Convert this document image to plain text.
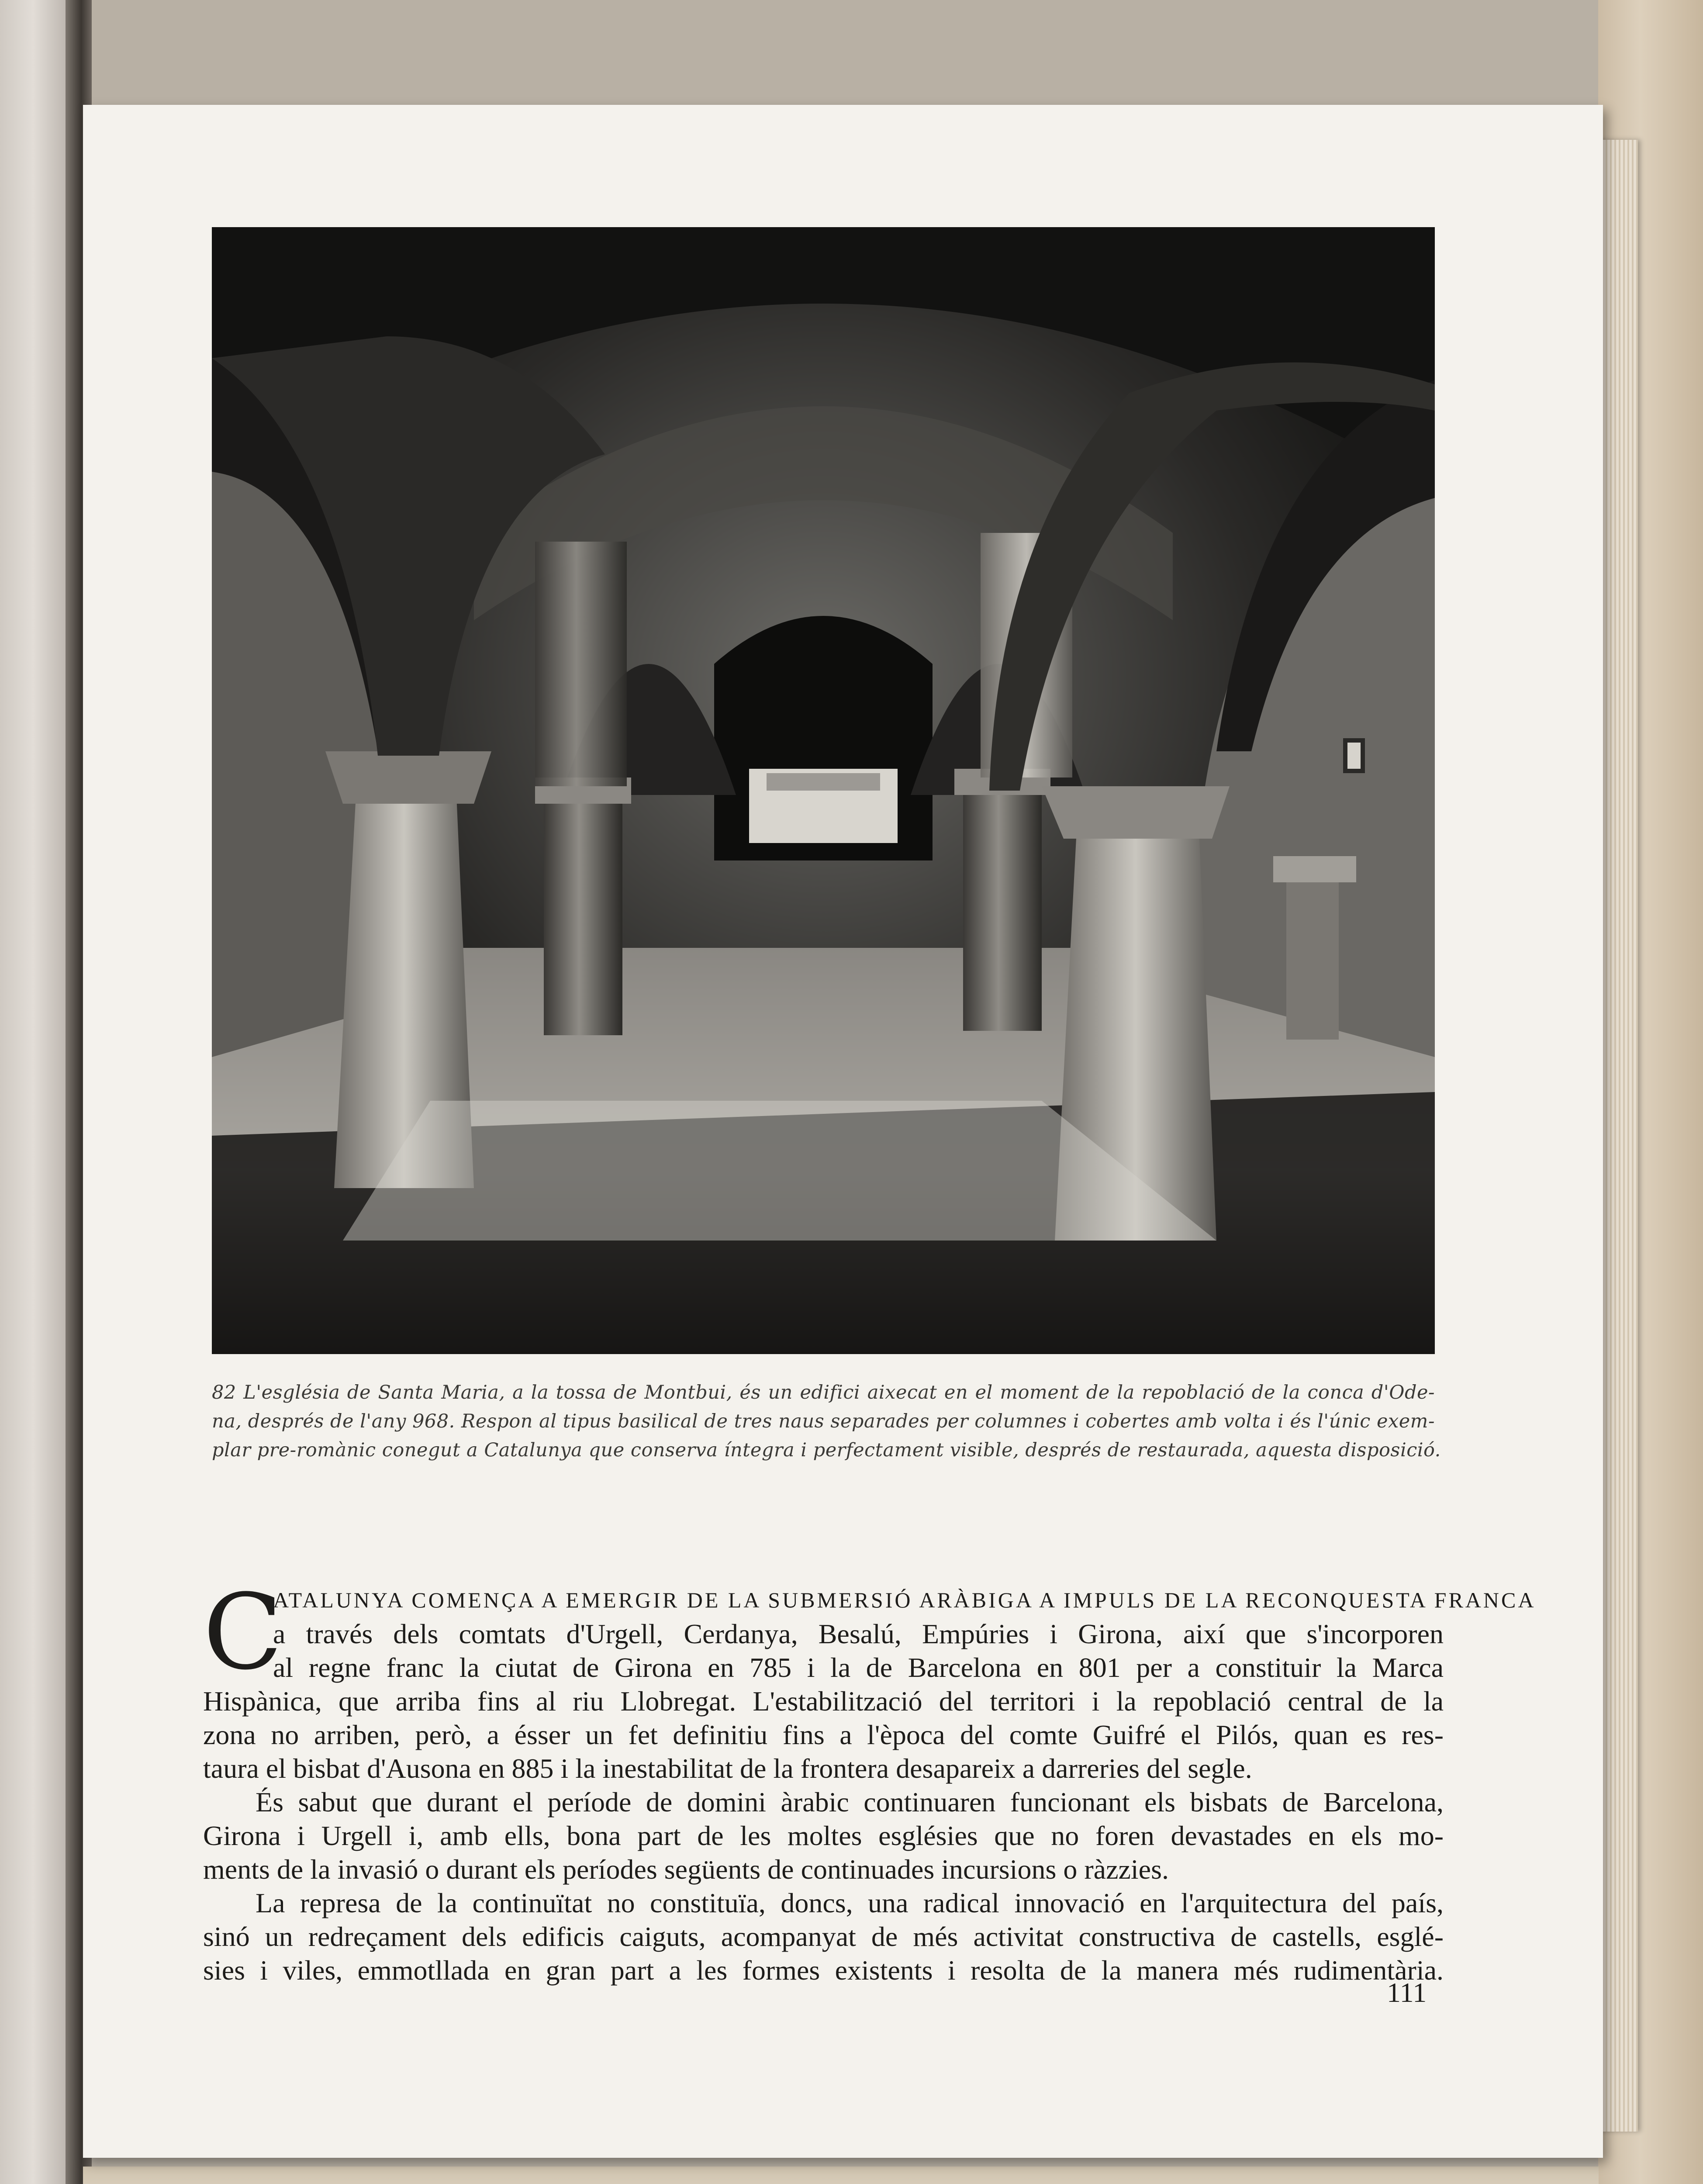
82 L'església de Santa Maria, a la tossa de Montbui, és un edifici aixecat en el moment de la repoblació de la conca d'Ode-
na, després de l'any 968. Respon al tipus basilical de tres naus separades per columnes i cobertes amb volta i és l'únic exem-
plar pre-romànic conegut a Catalunya que conserva íntegra i perfectament visible, després de restaurada, aquesta disposició.
C
ATALUNYA COMENÇA A EMERGIR DE LA SUBMERSIÓ ARÀBIGA A IMPULS DE LA RECONQUESTA FRANCA
a través dels comtats d'Urgell, Cerdanya, Besalú, Empúries i Girona, així que s'incorporen
al regne franc la ciutat de Girona en 785 i la de Barcelona en 801 per a constituir la Marca
Hispànica, que arriba fins al riu Llobregat. L'estabilització del territori i la repoblació central de la
zona no arriben, però, a ésser un fet definitiu fins a l'època del comte Guifré el Pilós, quan es res-
taura el bisbat d'Ausona en 885 i la inestabilitat de la frontera desapareix a darreries del segle.
És sabut que durant el període de domini àrabic continuaren funcionant els bisbats de Barcelona,
Girona i Urgell i, amb ells, bona part de les moltes esglésies que no foren devastades en els mo-
ments de la invasió o durant els períodes següents de continuades incursions o ràzzies.
La represa de la continuïtat no constituïa, doncs, una radical innovació en l'arquitectura del país,
sinó un redreçament dels edificis caiguts, acompanyat de més activitat constructiva de castells, esglé-
sies i viles, emmotllada en gran part a les formes existents i resolta de la manera més rudimentària.
111
